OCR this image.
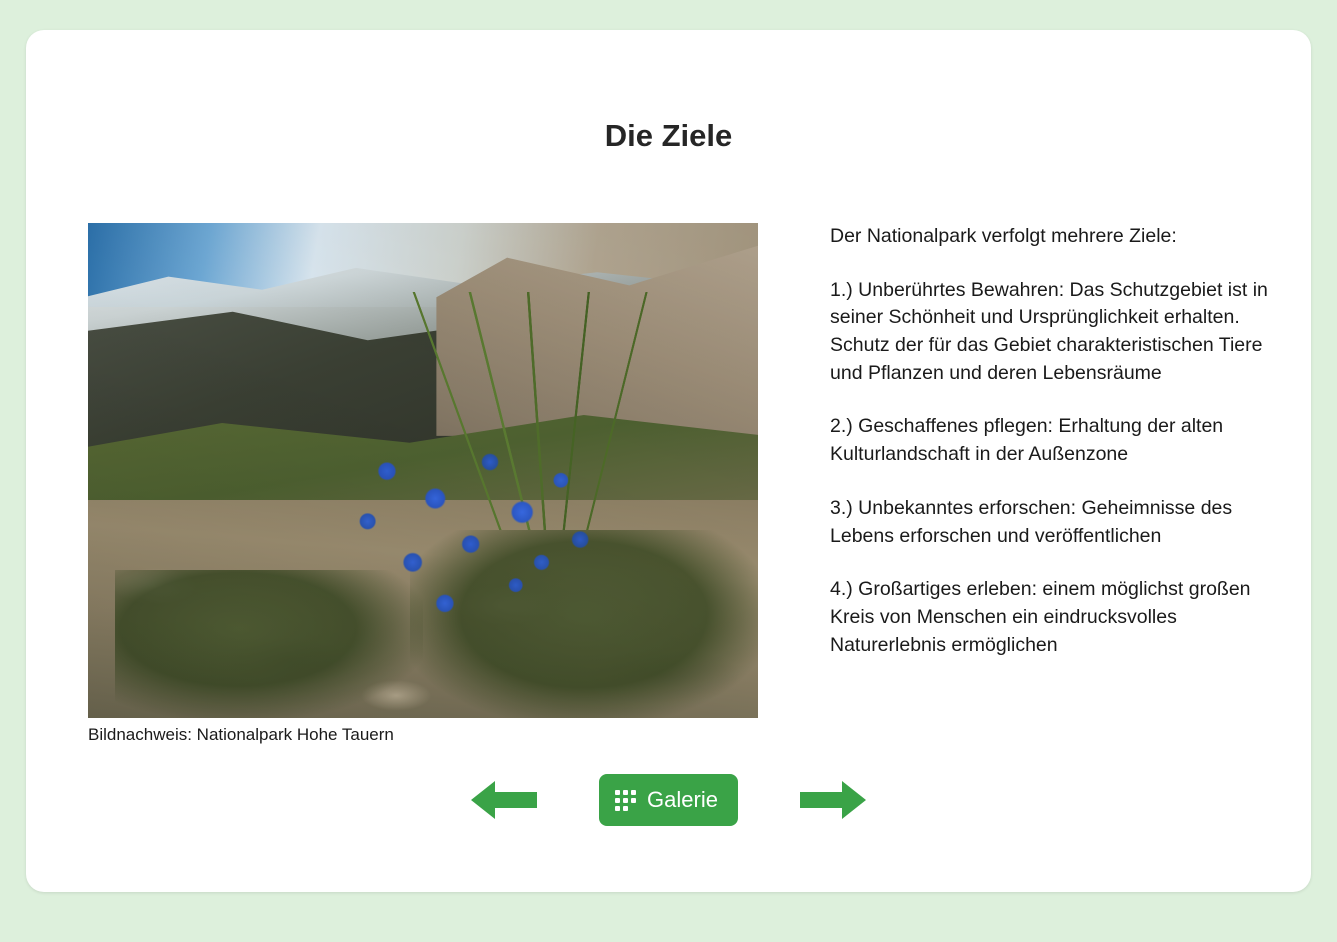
Die Ziele
Bildnachweis: Nationalpark Hohe Tauern

Der Nationalpark verfolgt mehrere Ziele:

1.) Unberührtes Bewahren: Das Schutzgebiet ist in seiner Schönheit und Ursprünglichkeit erhalten. Schutz der für das Gebiet charakteristischen Tiere und Pflanzen und deren Lebensräume

2.) Geschaffenes pflegen: Erhaltung der alten Kulturlandschaft in der Außenzone

3.) Unbekanntes erforschen: Geheimnisse des Lebens erforschen und veröffentlichen

4.) Großartiges erleben: einem möglichst großen Kreis von Menschen ein eindrucksvolles Naturerlebnis ermöglichen

Galerie
